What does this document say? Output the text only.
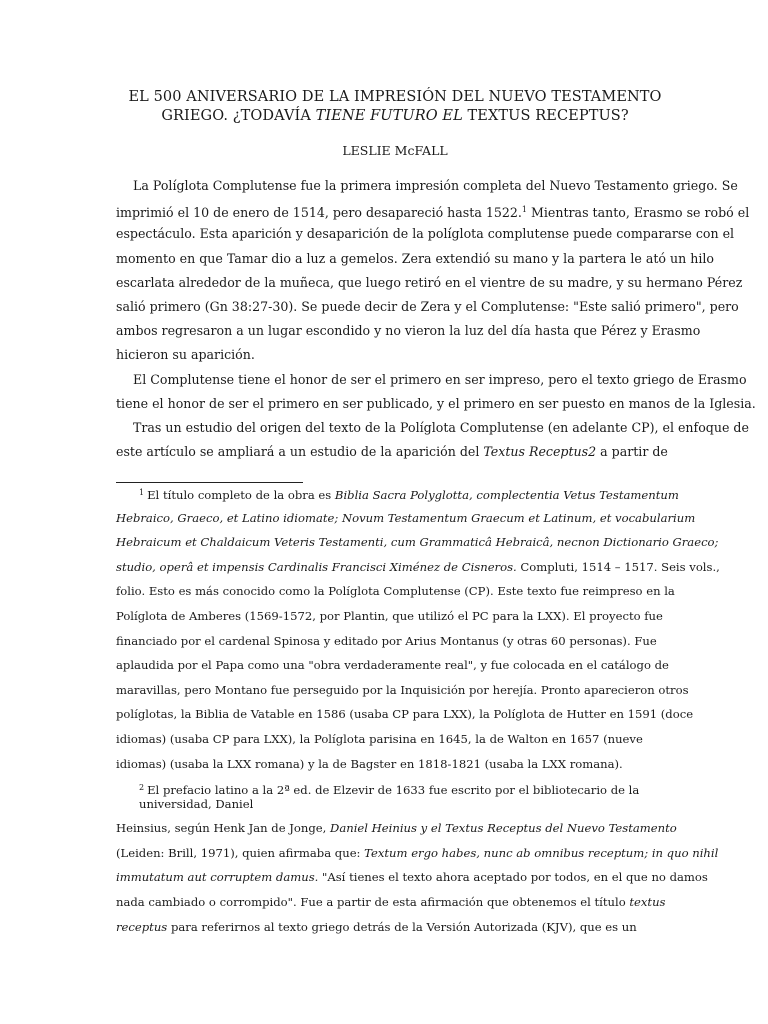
EL 500 ANIVERSARIO DE LA IMPRESIÓN DEL NUEVO TESTAMENTO
GRIEGO. ¿TODAVÍA TIENE FUTURO EL TEXTUS RECEPTUS?
LESLIE McFALL
La Políglota Complutense fue la primera impresión completa del Nuevo Testamento griego. Se
imprimió el 10 de enero de 1514, pero desapareció hasta 1522.$^1$ Mientras tanto, Erasmo se robó el
espectáculo. Esta aparición y desaparición de la políglota complutense puede compararse con el
momento en que Tamar dio a luz a gemelos. Zera extendió su mano y la partera le ató un hilo
escarlata alrededor de la muñeca, que luego retiró en el vientre de su madre, y su hermano Pérez
salió primero (Gn 38:27-30). Se puede decir de Zera y el Complutense: "Este salió primero", pero
ambos regresaron a un lugar escondido y no vieron la luz del día hasta que Pérez y Erasmo
hicieron su aparición.
El Complutense tiene el honor de ser el primero en ser impreso, pero el texto griego de Erasmo
tiene el honor de ser el primero en ser publicado, y el primero en ser puesto en manos de la Iglesia.
Tras un estudio del origen del texto de la Políglota Complutense (en adelante CP), el enfoque de
este artículo se ampliará a un estudio de la aparición del Textus Receptus2 a partir de
$^1$ El título completo de la obra es Biblia Sacra Polyglotta, complectentia Vetus Testamentum
Hebraico, Graeco, et Latino idiomate; Novum Testamentum Graecum et Latinum, et vocabularium
Hebraicum et Chaldaicum Veteris Testamenti, cum Grammaticâ Hebraicâ, necnon Dictionario Graeco;
studio, operâ et impensis Cardinalis Francisci Ximénez de Cisneros. Compluti, 1514 – 1517. Seis vols.,
folio. Esto es más conocido como la Políglota Complutense (CP). Este texto fue reimpreso en la
Políglota de Amberes (1569-1572, por Plantin, que utilizó el PC para la LXX). El proyecto fue
financiado por el cardenal Spinosa y editado por Arius Montanus (y otras 60 personas). Fue
aplaudida por el Papa como una "obra verdaderamente real", y fue colocada en el catálogo de
maravillas, pero Montano fue perseguido por la Inquisición por herejía. Pronto aparecieron otros
políglotas, la Biblia de Vatable en 1586 (usaba CP para LXX), la Políglota de Hutter en 1591 (doce
idiomas) (usaba CP para LXX), la Políglota parisina en 1645, la de Walton en 1657 (nueve
idiomas) (usaba la LXX romana) y la de Bagster en 1818-1821 (usaba la LXX romana).
$^2$ El prefacio latino a la 2ª ed. de Elzevir de 1633 fue escrito por el bibliotecario de la
universidad, Daniel
Heinsius, según Henk Jan de Jonge, Daniel Heinius y el Textus Receptus del Nuevo Testamento
(Leiden: Brill, 1971), quien afirmaba que: Textum ergo habes, nunc ab omnibus receptum; in quo nihil
immutatum aut corruptem damus. "Así tienes el texto ahora aceptado por todos, en el que no damos
nada cambiado o corrompido". Fue a partir de esta afirmación que obtenemos el título textus
receptus para referirnos al texto griego detrás de la Versión Autorizada (KJV), que es un
